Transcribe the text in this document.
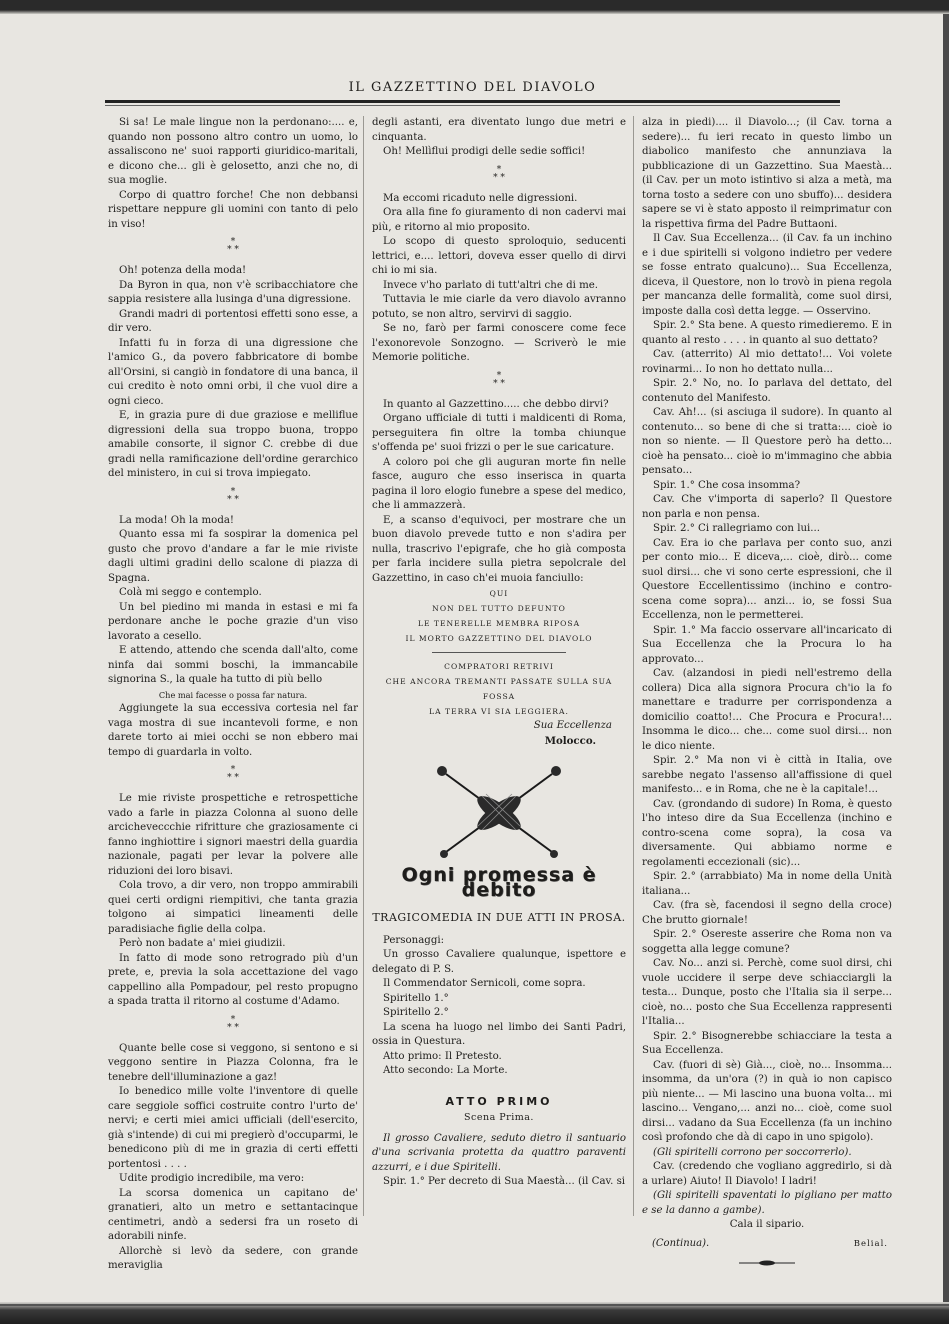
IL GAZZETTINO DEL DIAVOLO

Si sa! Le male lingue non la perdonano:.... e, quando non possono altro contro un uomo, lo assaliscono ne' suoi rapporti giuridico-maritali, e dicono che... gli è gelosetto, anzi che no, di sua moglie.

Corpo di quattro forche! Che non debbansi rispettare neppure gli uomini con tanto di pelo in viso!

*
* *

Oh! potenza della moda!

Da Byron in qua, non v'è scribacchiatore che sappia resistere alla lusinga d'una digressione.

Grandi madri di portentosi effetti sono esse, a dir vero.

Infatti fu in forza di una digressione che l'amico G., da povero fabbricatore di bombe all'Orsini, si cangiò in fondatore di una banca, il cui credito è noto omni orbi, il che vuol dire a ogni cieco.

E, in grazia pure di due graziose e melliflue digressioni della sua troppo buona, troppo amabile consorte, il signor C. crebbe di due gradi nella ramificazione dell'ordine gerarchico del ministero, in cui si trova impiegato.

*
* *

La moda! Oh la moda!

Quanto essa mi fa sospirar la domenica pel gusto che provo d'andare a far le mie riviste dagli ultimi gradini dello scalone di piazza di Spagna.

Colà mi seggo e contemplo.

Un bel piedino mi manda in estasi e mi fa perdonare anche le poche grazie d'un viso lavorato a cesello.

E attendo, attendo che scenda dall'alto, come ninfa dai sommi boschi, la immancabile signorina S., la quale ha tutto di più bello

Che mai facesse o possa far natura.

Aggiungete la sua eccessiva cortesia nel far vaga mostra di sue incantevoli forme, e non darete torto ai miei occhi se non ebbero mai tempo di guardarla in volto.

*
* *

Le mie riviste prospettiche e retrospettiche vado a farle in piazza Colonna al suono delle arcicheveccchie rifritture che graziosamente ci fanno inghiottire i signori maestri della guardia nazionale, pagati per levar la polvere alle riduzioni dei loro bisavi.

Cola trovo, a dir vero, non troppo ammirabili quei certi ordigni riempitivi, che tanta grazia tolgono ai simpatici lineamenti delle paradisiache figlie della colpa.

Però non badate a' miei giudizii.

In fatto di mode sono retrogrado più d'un prete, e, previa la sola accettazione del vago cappellino alla Pompadour, pel resto propugno a spada tratta il ritorno al costume d'Adamo.

*
* *

Quante belle cose si veggono, si sentono e si veggono sentire in Piazza Colonna, fra le tenebre dell'illuminazione a gaz!

Io benedico mille volte l'inventore di quelle care seggiole soffici costruite contro l'urto de' nervi; e certi miei amici ufficiali (dell'esercito, già s'intende) di cui mi pregierò d'occuparmi, le benedicono più di me in grazia di certi effetti portentosi . . . .

Udite prodigio incredibile, ma vero:

La scorsa domenica un capitano de' granatieri, alto un metro e settantacinque centimetri, andò a sedersi fra un roseto di adorabili ninfe.

Allorchè si levò da sedere, con grande meraviglia

degli astanti, era diventato lungo due metri e cinquanta.

Oh! Mellìflui prodigi delle sedie soffici!

*
* *

Ma eccomi ricaduto nelle digressioni.

Ora alla fine fo giuramento di non cadervi mai più, e ritorno al mio proposito.

Lo scopo di questo sproloquio, seducenti lettrici, e.... lettori, doveva esser quello di dirvi chi io mi sia.

Invece v'ho parlato di tutt'altri che di me.

Tuttavia le mie ciarle da vero diavolo avranno potuto, se non altro, servirvi di saggio.

Se no, farò per farmi conoscere come fece l'exonorevole Sonzogno. — Scriverò le mie Memorie politiche.

*
* *

In quanto al Gazzettino..... che debbo dirvi?

Organo ufficiale di tutti i maldicenti di Roma, perseguitera fin oltre la tomba chiunque s'offenda pe' suoi frizzi o per le sue caricature.

A coloro poi che gli auguran morte fin nelle fasce, auguro che esso inserisca in quarta pagina il loro elogio funebre a spese del medico, che li ammazzerà.

E, a scanso d'equivoci, per mostrare che un buon diavolo prevede tutto e non s'adira per nulla, trascrivo l'epigrafe, che ho già composta per farla incidere sulla pietra sepolcrale del Gazzettino, in caso ch'ei muoia fanciullo:

QUI

NON DEL TUTTO DEFUNTO

LE TENERELLE MEMBRA RIPOSA

IL MORTO GAZZETTINO DEL DIAVOLO

COMPRATORI RETRIVI

CHE ANCORA TREMANTI PASSATE SULLA SUA FOSSA

LA TERRA VI SIA LEGGIERA.

Sua Eccellenza

Molocco.

Ogni promessa è debito
TRAGICOMEDIA IN DUE ATTI IN PROSA.

Personaggi:

Un grosso Cavaliere qualunque, ispettore e delegato di P. S.

Il Commendator Sernicoli, come sopra.

Spiritello 1.°

Spiritello 2.°

La scena ha luogo nel limbo dei Santi Padri, ossia in Questura.

Atto primo: Il Pretesto.

Atto secondo: La Morte.

ATTO PRIMO
Scena Prima.

Il grosso Cavaliere, seduto dietro il santuario d'una scrivania protetta da quattro paraventi azzurri, e i due Spiritelli.

Spir. 1.° Per decreto di Sua Maestà... (il Cav. si

alza in piedi).... il Diavolo...; (il Cav. torna a sedere)... fu ieri recato in questo limbo un diabolico manifesto che annunziava la pubblicazione di un Gazzettino. Sua Maestà... (il Cav. per un moto istintivo si alza a metà, ma torna tosto a sedere con uno sbuffo)... desidera sapere se vi è stato apposto il reimprimatur con la rispettiva firma del Padre Buttaoni.

Il Cav. Sua Eccellenza... (il Cav. fa un inchino e i due spiritelli si volgono indietro per vedere se fosse entrato qualcuno)... Sua Eccellenza, diceva, il Questore, non lo trovò in piena regola per mancanza delle formalità, come suol dirsi, imposte dalla così detta legge. — Osservino.

Spir. 2.° Sta bene. A questo rimedieremo. E in quanto al resto . . . . in quanto al suo dettato?

Cav. (atterrito) Al mio dettato!... Voi volete rovinarmi... Io non ho dettato nulla...

Spir. 2.° No, no. Io parlava del dettato, del contenuto del Manifesto.

Cav. Ah!... (si asciuga il sudore). In quanto al contenuto... so bene di che si tratta:... cioè io non so niente. — Il Questore però ha detto... cioè ha pensato... cioè io m'immagino che abbia pensato...

Spir. 1.° Che cosa insomma?

Cav. Che v'importa di saperlo? Il Questore non parla e non pensa.

Spir. 2.° Ci rallegriamo con lui...

Cav. Era io che parlava per conto suo, anzi per conto mio... E diceva,... cioè, dirò... come suol dirsi... che vi sono certe espressioni, che il Questore Eccellentissimo (inchino e contro-scena come sopra)... anzi... io, se fossi Sua Eccellenza, non le permetterei.

Spir. 1.° Ma faccio osservare all'incaricato di Sua Eccellenza che la Procura lo ha approvato...

Cav. (alzandosi in piedi nell'estremo della collera) Dica alla signora Procura ch'io la fo manettare e tradurre per corrispondenza a domicilio coatto!... Che Procura e Procura!... Insomma le dico... che... come suol dirsi... non le dico niente.

Spir. 2.° Ma non vi è città in Italia, ove sarebbe negato l'assenso all'affissione di quel manifesto... e in Roma, che ne è la capitale!...

Cav. (grondando di sudore) In Roma, è questo l'ho inteso dire da Sua Eccellenza (inchino e contro-scena come sopra), la cosa va diversamente. Qui abbiamo norme e regolamenti eccezionali (sic)...

Spir. 2.° (arrabbiato) Ma in nome della Unità italiana...

Cav. (fra sè, facendosi il segno della croce) Che brutto giornale!

Spir. 2.° Osereste asserire che Roma non va soggetta alla legge comune?

Cav. No... anzi si. Perchè, come suol dirsi, chi vuole uccidere il serpe deve schiacciargli la testa... Dunque, posto che l'Italia sia il serpe... cioè, no... posto che Sua Eccellenza rappresenti l'Italia...

Spir. 2.° Bisognerebbe schiacciare la testa a Sua Eccellenza.

Cav. (fuori di sè) Già..., cioè, no... Insomma... insomma, da un'ora (?) in quà io non capisco più niente... — Mi lascino una buona volta... mi lascino... Vengano,... anzi no... cioè, come suol dirsi... vadano da Sua Eccellenza (fa un inchino così profondo che dà di capo in uno spigolo).

(Gli spiritelli corrono per soccorrerlo).

Cav. (credendo che vogliano aggredirlo, si dà a urlare) Aiuto! Il Diavolo! I ladri!

(Gli spiritelli spaventati lo pigliano per matto e se la danno a gambe).

Cala il sipario.

(Continua).	Belial.
